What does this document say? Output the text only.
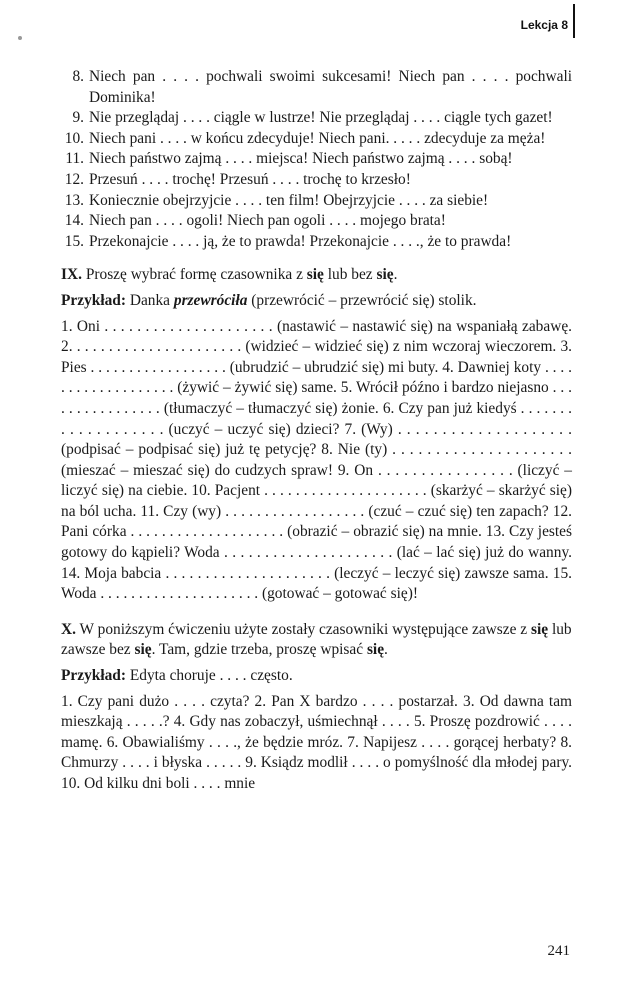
Lekcja 8
8. Niech pan . . . . pochwali swoimi sukcesami! Niech pan . . . . pochwali Dominika!
9. Nie przeglądaj . . . . ciągle w lustrze! Nie przeglądaj . . . . ciągle tych gazet!
10. Niech pani . . . . w końcu zdecyduje! Niech pani. . . . . zdecyduje za męża!
11. Niech państwo zajmą . . . . miejsca! Niech państwo zajmą . . . . sobą!
12. Przesuń . . . . trochę! Przesuń . . . . trochę to krzesło!
13. Koniecznie obejrzyjcie . . . . ten film! Obejrzyjcie . . . . za siebie!
14. Niech pan . . . . ogoli! Niech pan ogoli . . . . mojego brata!
15. Przekonajcie . . . . ją, że to prawda! Przekonajcie . . . ., że to prawda!
IX. Proszę wybrać formę czasownika z się lub bez się.
Przykład: Danka przewróciła (przewrócić – przewrócić się) stolik.
1. Oni . . . . . . . . . . . . . . . . . . . . . (nastawić – nastawić się) na wspaniałą zabawę. 2. . . . . . . . . . . . . . . . . . . . . . (widzieć – widzieć się) z nim wczoraj wieczorem. 3. Pies . . . . . . . . . . . . . . . . . . (ubrudzić – ubrudzić się) mi buty. 4. Dawniej koty . . . . . . . . . . . . . . . . . . . (żywić – żywić się) same. 5. Wrócił późno i bardzo niejasno . . . . . . . . . . . . . . . . (tłumaczyć – tłumaczyć się) żonie. 6. Czy pan już kiedyś . . . . . . . . . . . . . . . . . . . (uczyć – uczyć się) dzieci? 7. (Wy) . . . . . . . . . . . . . . . . . . . . (podpisać – podpisać się) już tę petycję? 8. Nie (ty) . . . . . . . . . . . . . . . . . . . . . (mieszać – mieszać się) do cudzych spraw! 9. On . . . . . . . . . . . . . . . . (liczyć – liczyć się) na ciebie. 10. Pacjent . . . . . . . . . . . . . . . . . . . . . (skarżyć – skarżyć się) na ból ucha. 11. Czy (wy) . . . . . . . . . . . . . . . . . . (czuć – czuć się) ten zapach? 12. Pani córka . . . . . . . . . . . . . . . . . . . . (obrazić – obrazić się) na mnie. 13. Czy jesteś gotowy do kąpieli? Woda . . . . . . . . . . . . . . . . . . . . . (lać – lać się) już do wanny. 14. Moja babcia . . . . . . . . . . . . . . . . . . . . . (leczyć – leczyć się) zawsze sama. 15. Woda . . . . . . . . . . . . . . . . . . . . . (gotować – gotować się)!
X. W poniższym ćwiczeniu użyte zostały czasowniki występujące zawsze z się lub zawsze bez się. Tam, gdzie trzeba, proszę wpisać się.
Przykład: Edyta choruje . . . . często.
1. Czy pani dużo . . . . czyta? 2. Pan X bardzo . . . . postarzał. 3. Od dawna tam mieszkają . . . . .? 4. Gdy nas zobaczył, uśmiechnął . . . . 5. Proszę pozdrowić . . . . mamę. 6. Obawialiśmy . . . ., że będzie mróz. 7. Napijesz . . . . gorącej herbaty? 8. Chmurzy . . . . i błyska . . . . . 9. Ksiądz modlił . . . . o pomyślność dla młodej pary. 10. Od kilku dni boli . . . . mnie
241
